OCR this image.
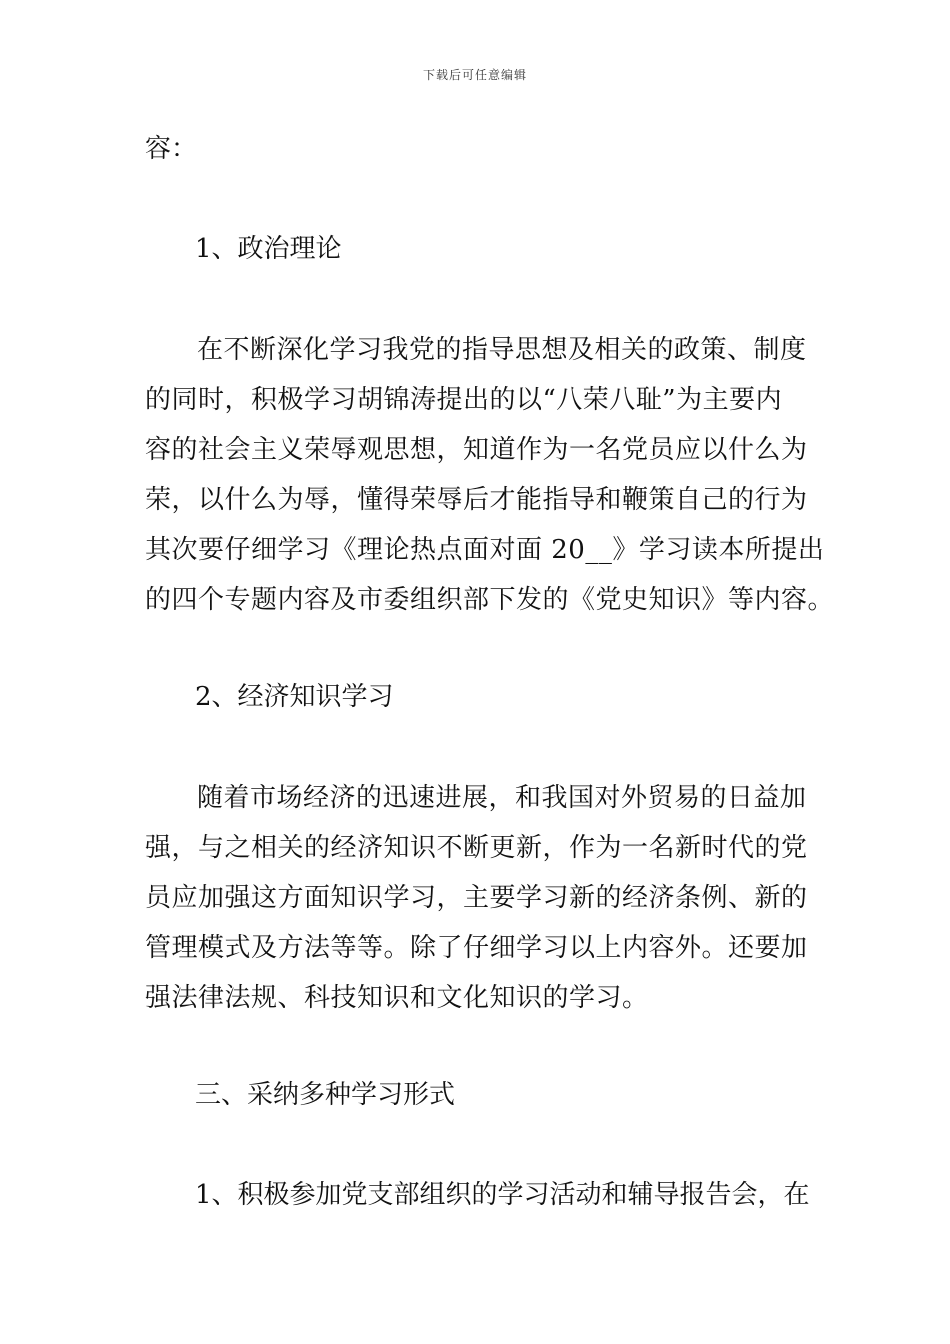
下载后可任意编辑
容：
1、政治理论
在不断深化学习我党的指导思想及相关的政策、制度
的同时，积极学习胡锦涛提出的以“八荣八耻”为主要内
容的社会主义荣辱观思想，知道作为一名党员应以什么为
荣，以什么为辱，懂得荣辱后才能指导和鞭策自己的行为
其次要仔细学习《理论热点面对面 20__》学习读本所提出
的四个专题内容及市委组织部下发的《党史知识》等内容。
2、经济知识学习
随着市场经济的迅速进展，和我国对外贸易的日益加
强，与之相关的经济知识不断更新，作为一名新时代的党
员应加强这方面知识学习，主要学习新的经济条例、新的
管理模式及方法等等。除了仔细学习以上内容外。还要加
强法律法规、科技知识和文化知识的学习。
三、采纳多种学习形式
1、积极参加党支部组织的学习活动和辅导报告会，在
